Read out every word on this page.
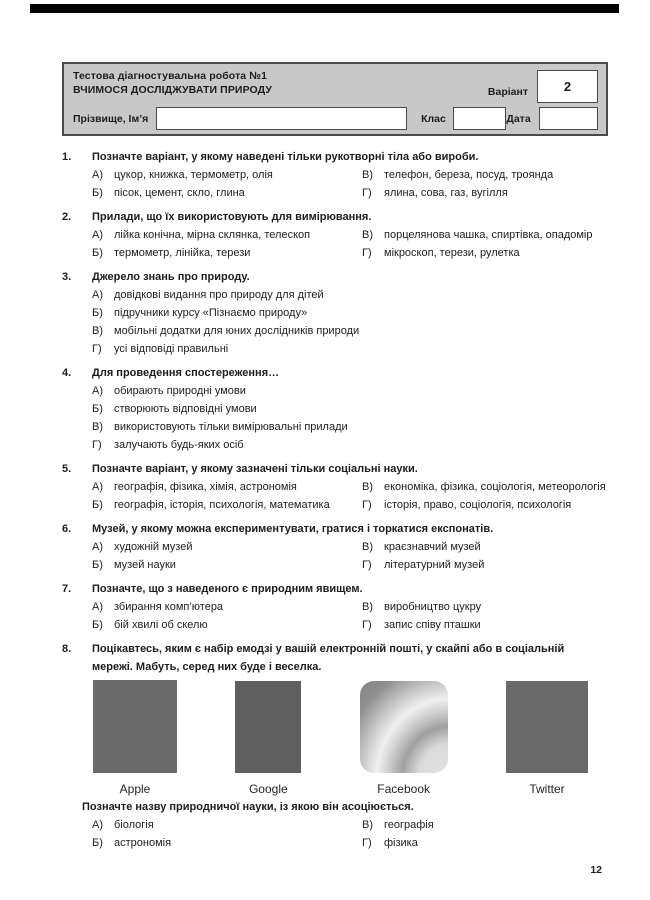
Тестова діагностувальна робота №1
ВЧИМОСЯ ДОСЛІДЖУВАТИ ПРИРОДУ	Варіант	2
Прізвище, Ім’я	Клас	Дата
1.	Позначте варіант, у якому наведені тільки рукотворні тіла або вироби.
А)	цукор, книжка, термометр, олія
Б)	пісок, цемент, скло, глина
В)	телефон, береза, посуд, троянда
Г)	ялина, сова, газ, вугілля
2.	Прилади, що їх використовують для вимірювання.
А)	лійка конічна, мірна склянка, телескоп
Б)	термометр, лінійка, терези
В)	порцелянова чашка, спиртівка, опадомір
Г)	мікроскоп, терези, рулетка
3.	Джерело знань про природу.
А)	довідкові видання про природу для дітей
Б)	підручники курсу «Пізнаємо природу»
В)	мобільні додатки для юних дослідників природи
Г)	усі відповіді правильні
4.	Для проведення спостереження…
А)	обирають природні умови
Б)	створюють відповідні умови
В)	використовують тільки вимірювальні прилади
Г)	залучають будь-яких осіб
5.	Позначте варіант, у якому зазначені тільки соціальні науки.
А)	географія, фізика, хімія, астрономія
Б)	географія, історія, психологія, математика
В)	економіка, фізика, соціологія, метеорологія
Г)	історія, право, соціологія, психологія
6.	Музей, у якому можна експериментувати, гратися і торкатися експонатів.
А)	художній музей
Б)	музей науки
В)	краєзнавчий музей
Г)	літературний музей
7.	Позначте, що з наведеного є природним явищем.
А)	збирання комп’ютера
Б)	бій хвилі об скелю
В)	виробництво цукру
Г)	запис співу пташки
8.	Поцікавтесь, яким є набір емодзі у вашій електронній пошті, у скайпі або в соціальній мережі. Мабуть, серед них буде і веселка.
Apple	Google	Facebook	Twitter
Позначте назву природничої науки, із якою він асоціюється.
А)	біологія
Б)	астрономія
В)	географія
Г)	фізика
12
